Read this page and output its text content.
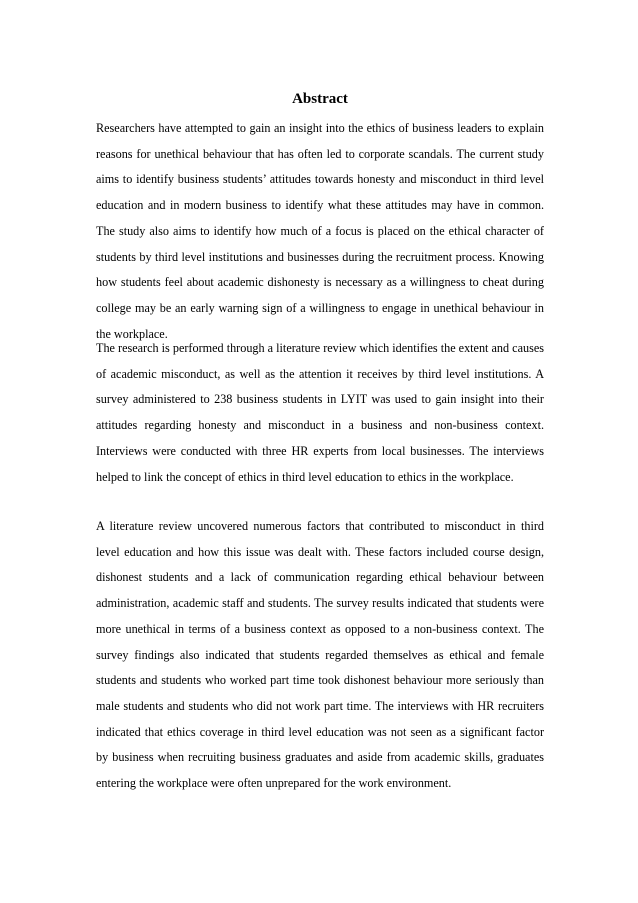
Abstract

Researchers have attempted to gain an insight into the ethics of business leaders to explain reasons for unethical behaviour that has often led to corporate scandals. The current study aims to identify business students’ attitudes towards honesty and misconduct in third level education and in modern business to identify what these attitudes may have in common. The study also aims to identify how much of a focus is placed on the ethical character of students by third level institutions and businesses during the recruitment process. Knowing how students feel about academic dishonesty is necessary as a willingness to cheat during college may be an early warning sign of a willingness to engage in unethical behaviour in the workplace.

The research is performed through a literature review which identifies the extent and causes of academic misconduct, as well as the attention it receives by third level institutions. A survey administered to 238 business students in LYIT was used to gain insight into their attitudes regarding honesty and misconduct in a business and non-business context. Interviews were conducted with three HR experts from local businesses. The interviews helped to link the concept of ethics in third level education to ethics in the workplace.

A literature review uncovered numerous factors that contributed to misconduct in third level education and how this issue was dealt with. These factors included course design, dishonest students and a lack of communication regarding ethical behaviour between administration, academic staff and students. The survey results indicated that students were more unethical in terms of a business context as opposed to a non-business context. The survey findings also indicated that students regarded themselves as ethical and female students and students who worked part time took dishonest behaviour more seriously than male students and students who did not work part time. The interviews with HR recruiters indicated that ethics coverage in third level education was not seen as a significant factor by business when recruiting business graduates and aside from academic skills, graduates entering the workplace were often unprepared for the work environment.
